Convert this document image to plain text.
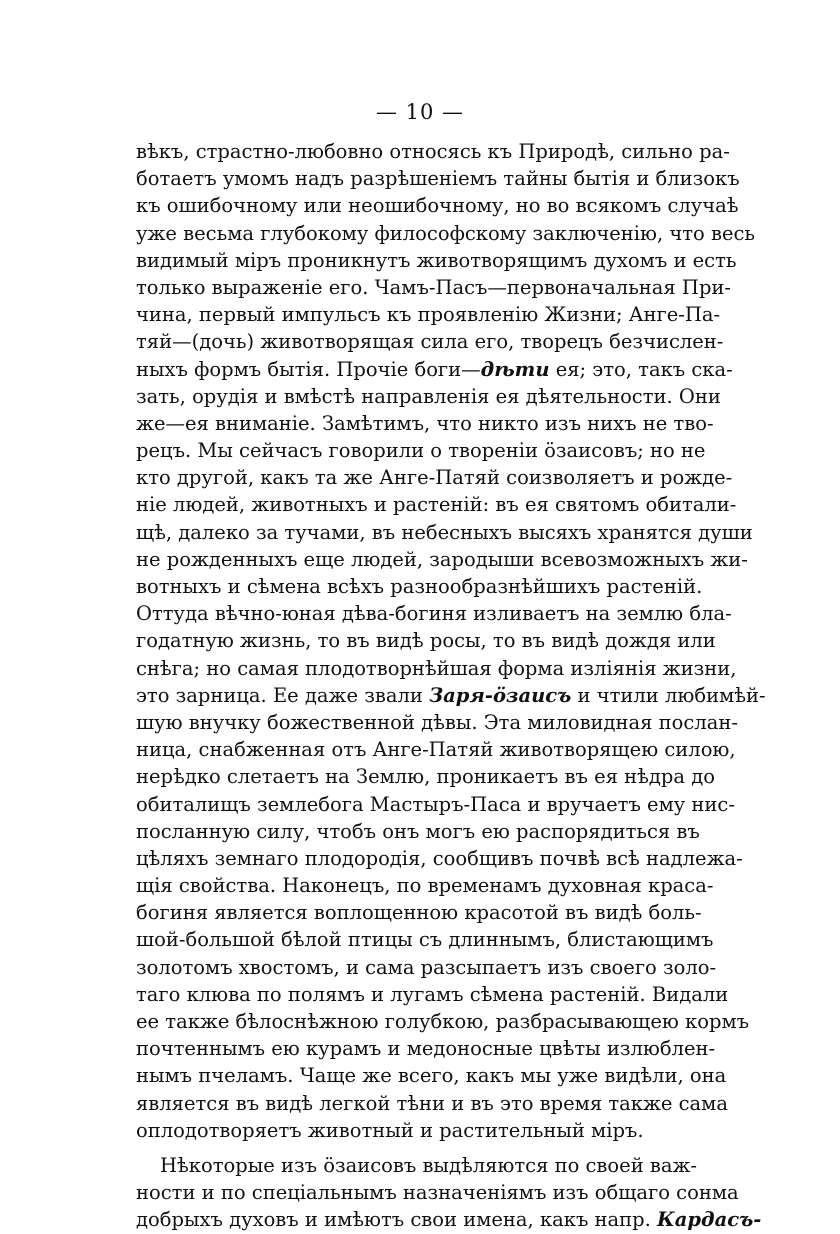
— 10 —
вѣкъ, страстно-любовно относясь къ Природѣ, сильно ра-
ботаетъ умомъ надъ разрѣшеніемъ тайны бытія и близокъ
къ ошибочному или неошибочному, но во всякомъ случаѣ
уже весьма глубокому философскому заключенію, что весь
видимый міръ проникнутъ животворящимъ духомъ и есть
только выраженіе его. Чамъ-Пасъ—первоначальная При-
чина, первый импульсъ къ проявленію Жизни; Анге-Па-
тяй—(дочь) животворящая сила его, творецъ безчислен-
ныхъ формъ бытія. Прочіе боги—дѣти ея; это, такъ ска-
зать, орудія и вмѣстѣ направленія ея дѣятельности. Они
же—ея вниманіе. Замѣтимъ, что никто изъ нихъ не тво-
рецъ. Мы сейчасъ говорили о твореніи ӧзаисовъ; но не
кто другой, какъ та же Анге-Патяй соизволяетъ и рожде-
ніе людей, животныхъ и растеній: въ ея святомъ обитали-
щѣ, далеко за тучами, въ небесныхъ высяхъ хранятся души
не рожденныхъ еще людей, зародыши всевозможныхъ жи-
вотныхъ и сѣмена всѣхъ разнообразнѣйшихъ растеній.
Оттуда вѣчно-юная дѣва-богиня изливаетъ на землю бла-
годатную жизнь, то въ видѣ росы, то въ видѣ дождя или
снѣга; но самая плодотворнѣйшая форма изліянія жизни,
это зарница. Ее даже звали Заря-ӧзаисъ и чтили любимѣй-
шую внучку божественной дѣвы. Эта миловидная послан-
ница, снабженная отъ Анге-Патяй животворящею силою,
нерѣдко слетаетъ на Землю, проникаетъ въ ея нѣдра до
обиталищъ землебога Мастыръ-Паса и вручаетъ ему нис-
посланную силу, чтобъ онъ могъ ею распорядиться въ
цѣляхъ земнаго плодородія, сообщивъ почвѣ всѣ надлежа-
щія свойства. Наконецъ, по временамъ духовная краса-
богиня является воплощенною красотой въ видѣ боль-
шой-большой бѣлой птицы съ длиннымъ, блистающимъ
золотомъ хвостомъ, и сама разсыпаетъ изъ своего золо-
таго клюва по полямъ и лугамъ сѣмена растеній. Видали
ее также бѣлоснѣжною голубкою, разбрасывающею кормъ
почтеннымъ ею курамъ и медоносные цвѣты излюблен-
нымъ пчеламъ. Чаще же всего, какъ мы уже видѣли, она
является въ видѣ легкой тѣни и въ это время также сама
оплодотворяетъ животный и растительный міръ.
Нѣкоторые изъ ӧзаисовъ выдѣляются по своей важ-
ности и по спеціальнымъ назначеніямъ изъ общаго сонма
добрыхъ духовъ и имѣютъ свои имена, какъ напр. Кардасъ-
